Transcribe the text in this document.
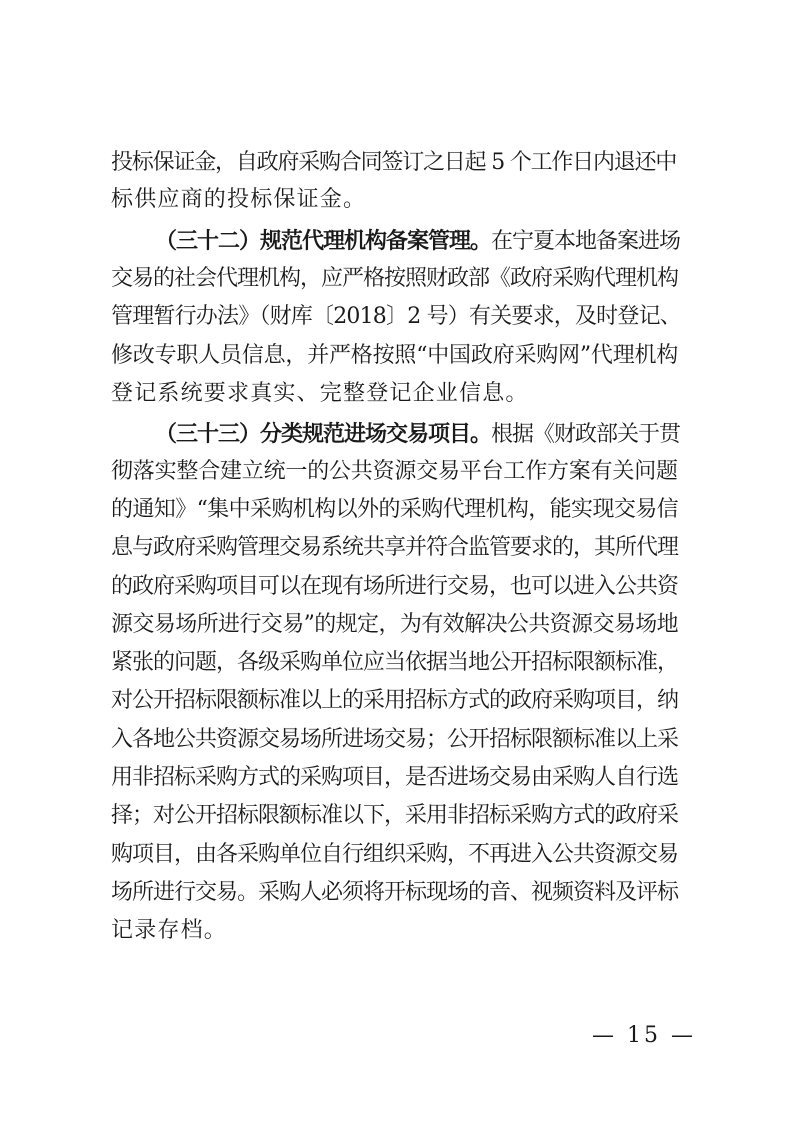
投标保证金，自政府采购合同签订之日起 5 个工作日内退还中
标供应商的投标保证金。
（三十二）规范代理机构备案管理。在宁夏本地备案进场
交易的社会代理机构，应严格按照财政部《政府采购代理机构
管理暂行办法》（财库〔2018〕2 号）有关要求，及时登记、
修改专职人员信息，并严格按照“中国政府采购网”代理机构
登记系统要求真实、完整登记企业信息。
（三十三）分类规范进场交易项目。根据《财政部关于贯
彻落实整合建立统一的公共资源交易平台工作方案有关问题
的通知》“集中采购机构以外的采购代理机构，能实现交易信
息与政府采购管理交易系统共享并符合监管要求的，其所代理
的政府采购项目可以在现有场所进行交易，也可以进入公共资
源交易场所进行交易”的规定，为有效解决公共资源交易场地
紧张的问题，各级采购单位应当依据当地公开招标限额标准，
对公开招标限额标准以上的采用招标方式的政府采购项目，纳
入各地公共资源交易场所进场交易；公开招标限额标准以上采
用非招标采购方式的采购项目，是否进场交易由采购人自行选
择；对公开招标限额标准以下，采用非招标采购方式的政府采
购项目，由各采购单位自行组织采购，不再进入公共资源交易
场所进行交易。采购人必须将开标现场的音、视频资料及评标
记录存档。
— 15 —
